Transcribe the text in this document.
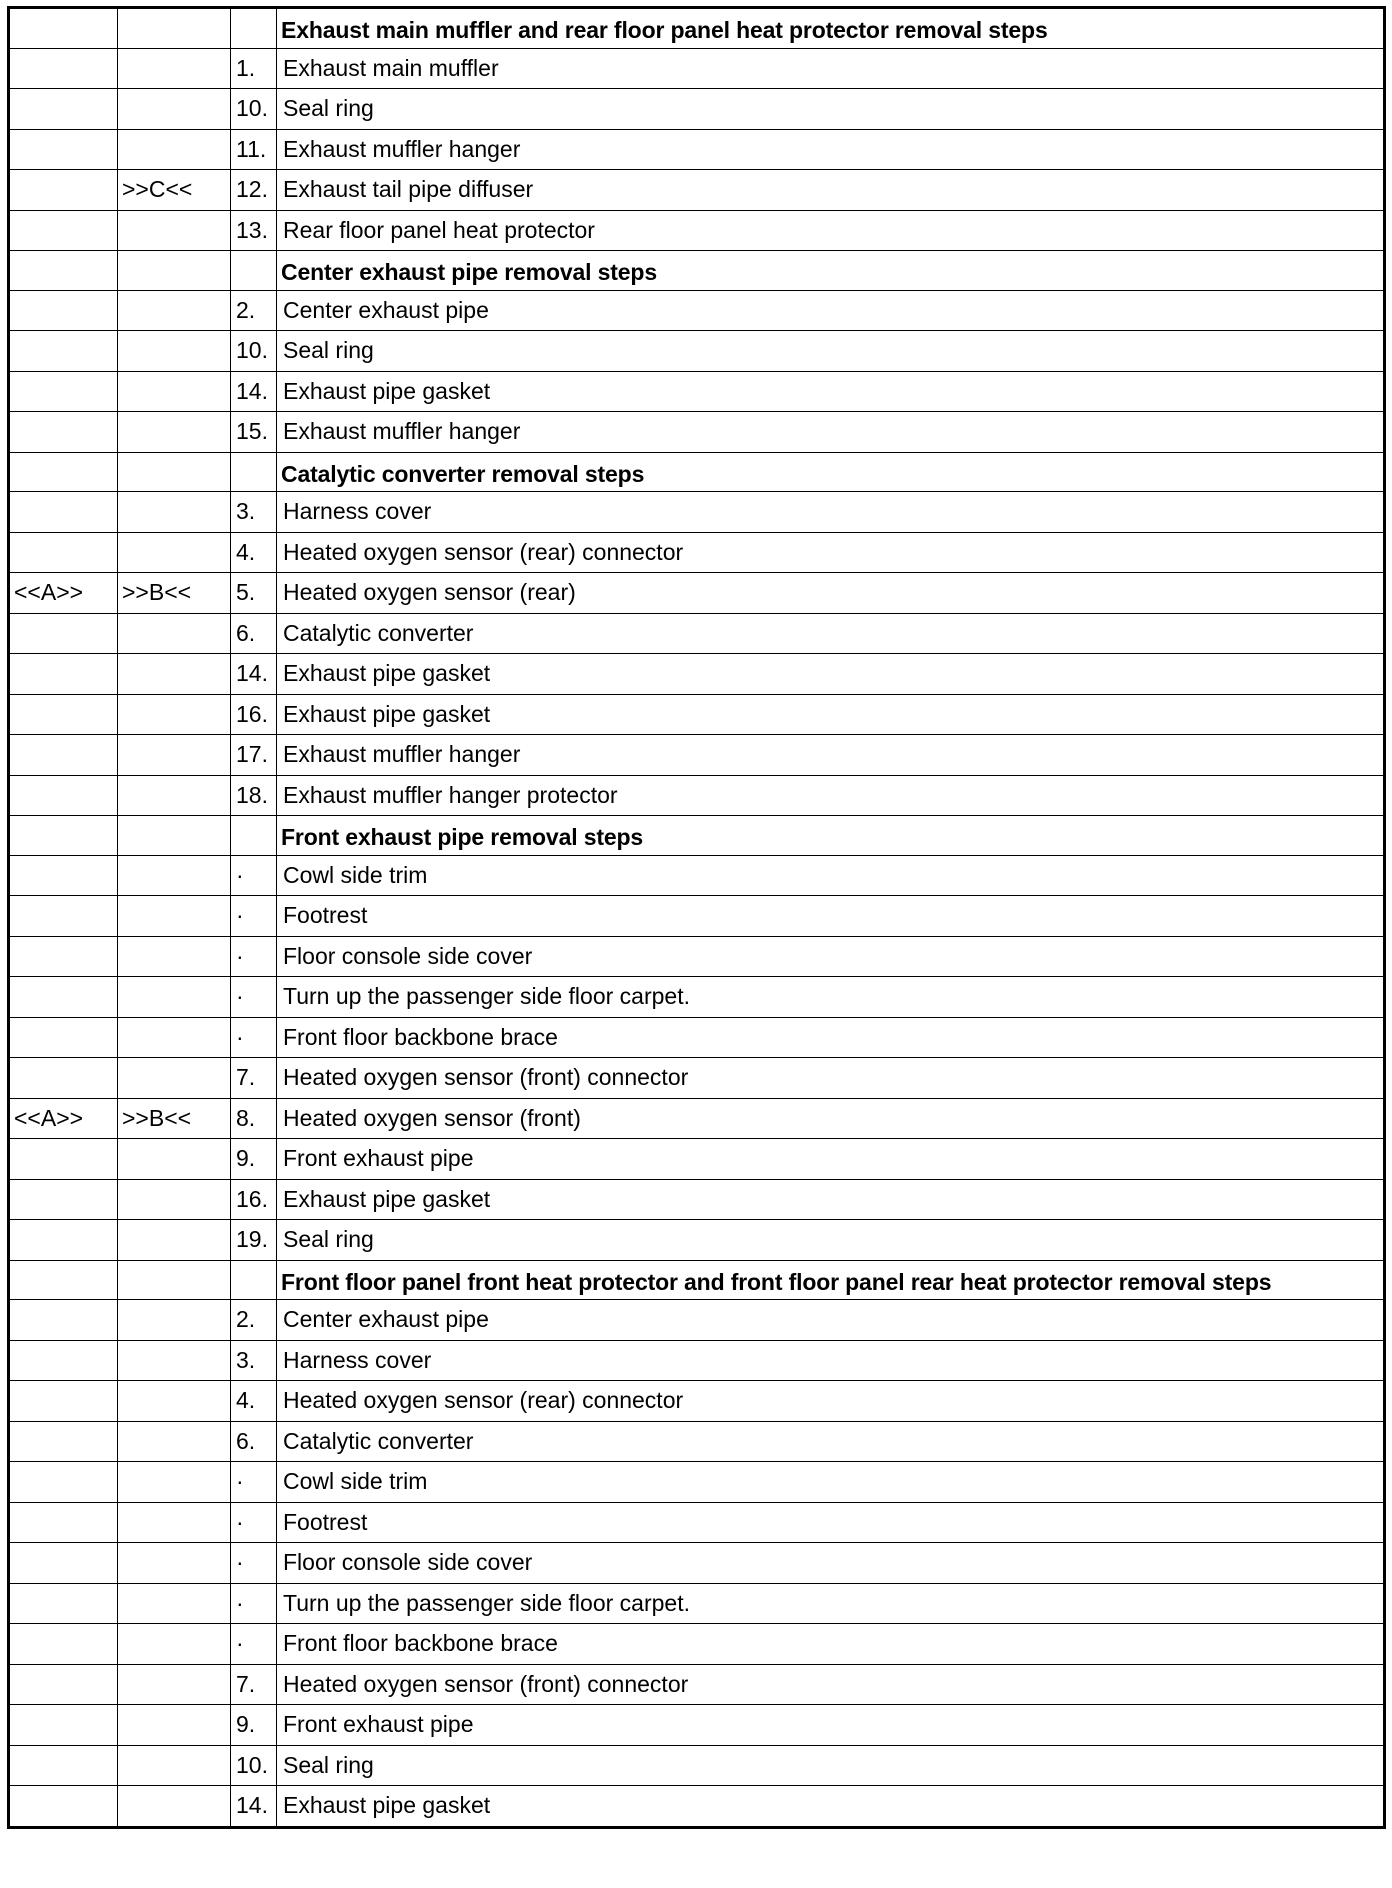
			Exhaust main muffler and rear floor panel heat protector removal steps
		1.	Exhaust main muffler
		10.	Seal ring
		11.	Exhaust muffler hanger
	>>C<<	12.	Exhaust tail pipe diffuser
		13.	Rear floor panel heat protector
			Center exhaust pipe removal steps
		2.	Center exhaust pipe
		10.	Seal ring
		14.	Exhaust pipe gasket
		15.	Exhaust muffler hanger
			Catalytic converter removal steps
		3.	Harness cover
		4.	Heated oxygen sensor (rear) connector
<<A>>	>>B<<	5.	Heated oxygen sensor (rear)
		6.	Catalytic converter
		14.	Exhaust pipe gasket
		16.	Exhaust pipe gasket
		17.	Exhaust muffler hanger
		18.	Exhaust muffler hanger protector
			Front exhaust pipe removal steps
		·	Cowl side trim
		·	Footrest
		·	Floor console side cover
		·	Turn up the passenger side floor carpet.
		·	Front floor backbone brace
		7.	Heated oxygen sensor (front) connector
<<A>>	>>B<<	8.	Heated oxygen sensor (front)
		9.	Front exhaust pipe
		16.	Exhaust pipe gasket
		19.	Seal ring
			Front floor panel front heat protector and front floor panel rear heat protector removal steps
		2.	Center exhaust pipe
		3.	Harness cover
		4.	Heated oxygen sensor (rear) connector
		6.	Catalytic converter
		·	Cowl side trim
		·	Footrest
		·	Floor console side cover
		·	Turn up the passenger side floor carpet.
		·	Front floor backbone brace
		7.	Heated oxygen sensor (front) connector
		9.	Front exhaust pipe
		10.	Seal ring
		14.	Exhaust pipe gasket
